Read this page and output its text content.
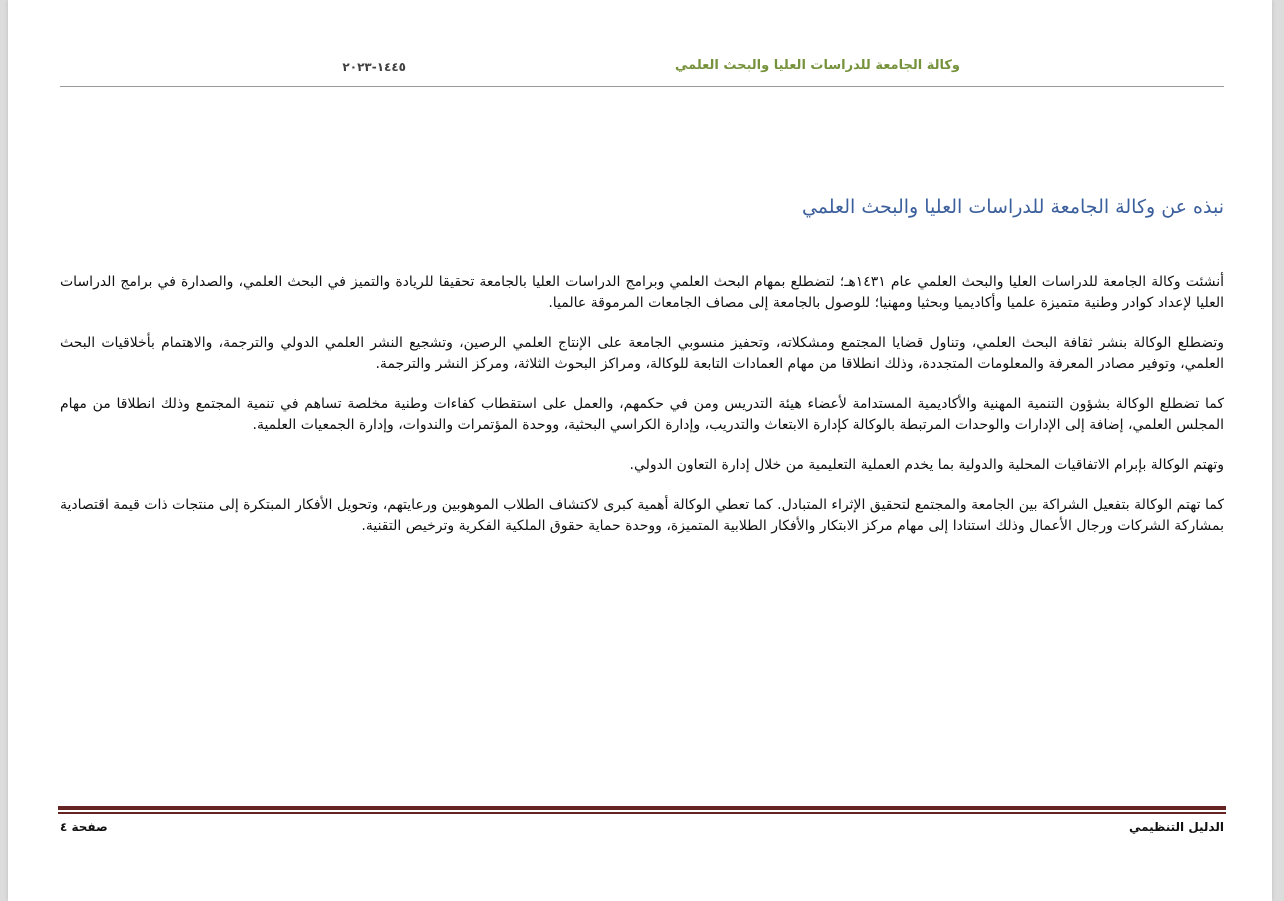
وكالة الجامعة للدراسات العليا والبحث العلمي
١٤٤٥-٢٠٢٣
نبذه عن وكالة الجامعة للدراسات العليا والبحث العلمي

أنشئت وكالة الجامعة للدراسات العليا والبحث العلمي عام ١٤٣١هـ؛ لتضطلع بمهام البحث العلمي وبرامج الدراسات العليا بالجامعة تحقيقا للريادة والتميز في البحث العلمي، والصدارة في برامج الدراسات العليا لإعداد كوادر وطنية متميزة علميا وأكاديميا وبحثيا ومهنيا؛ للوصول بالجامعة إلى مصاف الجامعات المرموقة عالميا.

وتضطلع الوكالة بنشر ثقافة البحث العلمي، وتناول قضايا المجتمع ومشكلاته، وتحفيز منسوبي الجامعة على الإنتاج العلمي الرصين، وتشجيع النشر العلمي الدولي والترجمة، والاهتمام بأخلاقيات البحث العلمي، وتوفير مصادر المعرفة والمعلومات المتجددة، وذلك انطلاقا من مهام العمادات التابعة للوكالة، ومراكز البحوث الثلاثة، ومركز النشر والترجمة.

كما تضطلع الوكالة بشؤون التنمية المهنية والأكاديمية المستدامة لأعضاء هيئة التدريس ومن في حكمهم، والعمل على استقطاب كفاءات وطنية مخلصة تساهم في تنمية المجتمع وذلك انطلاقا من مهام المجلس العلمي، إضافة إلى الإدارات والوحدات المرتبطة بالوكالة كإدارة الابتعاث والتدريب، وإدارة الكراسي البحثية، ووحدة المؤتمرات والندوات، وإدارة الجمعيات العلمية.

وتهتم الوكالة بإبرام الاتفاقيات المحلية والدولية بما يخدم العملية التعليمية من خلال إدارة التعاون الدولي.

كما تهتم الوكالة بتفعيل الشراكة بين الجامعة والمجتمع لتحقيق الإثراء المتبادل. كما تعطي الوكالة أهمية كبرى لاكتشاف الطلاب الموهوبين ورعايتهم، وتحويل الأفكار المبتكرة إلى منتجات ذات قيمة اقتصادية بمشاركة الشركات ورجال الأعمال وذلك استنادا إلى مهام مركز الابتكار والأفكار الطلابية المتميزة، ووحدة حماية حقوق الملكية الفكرية وترخيص التقنية.

صفحة ٤	الدليل التنظيمي
